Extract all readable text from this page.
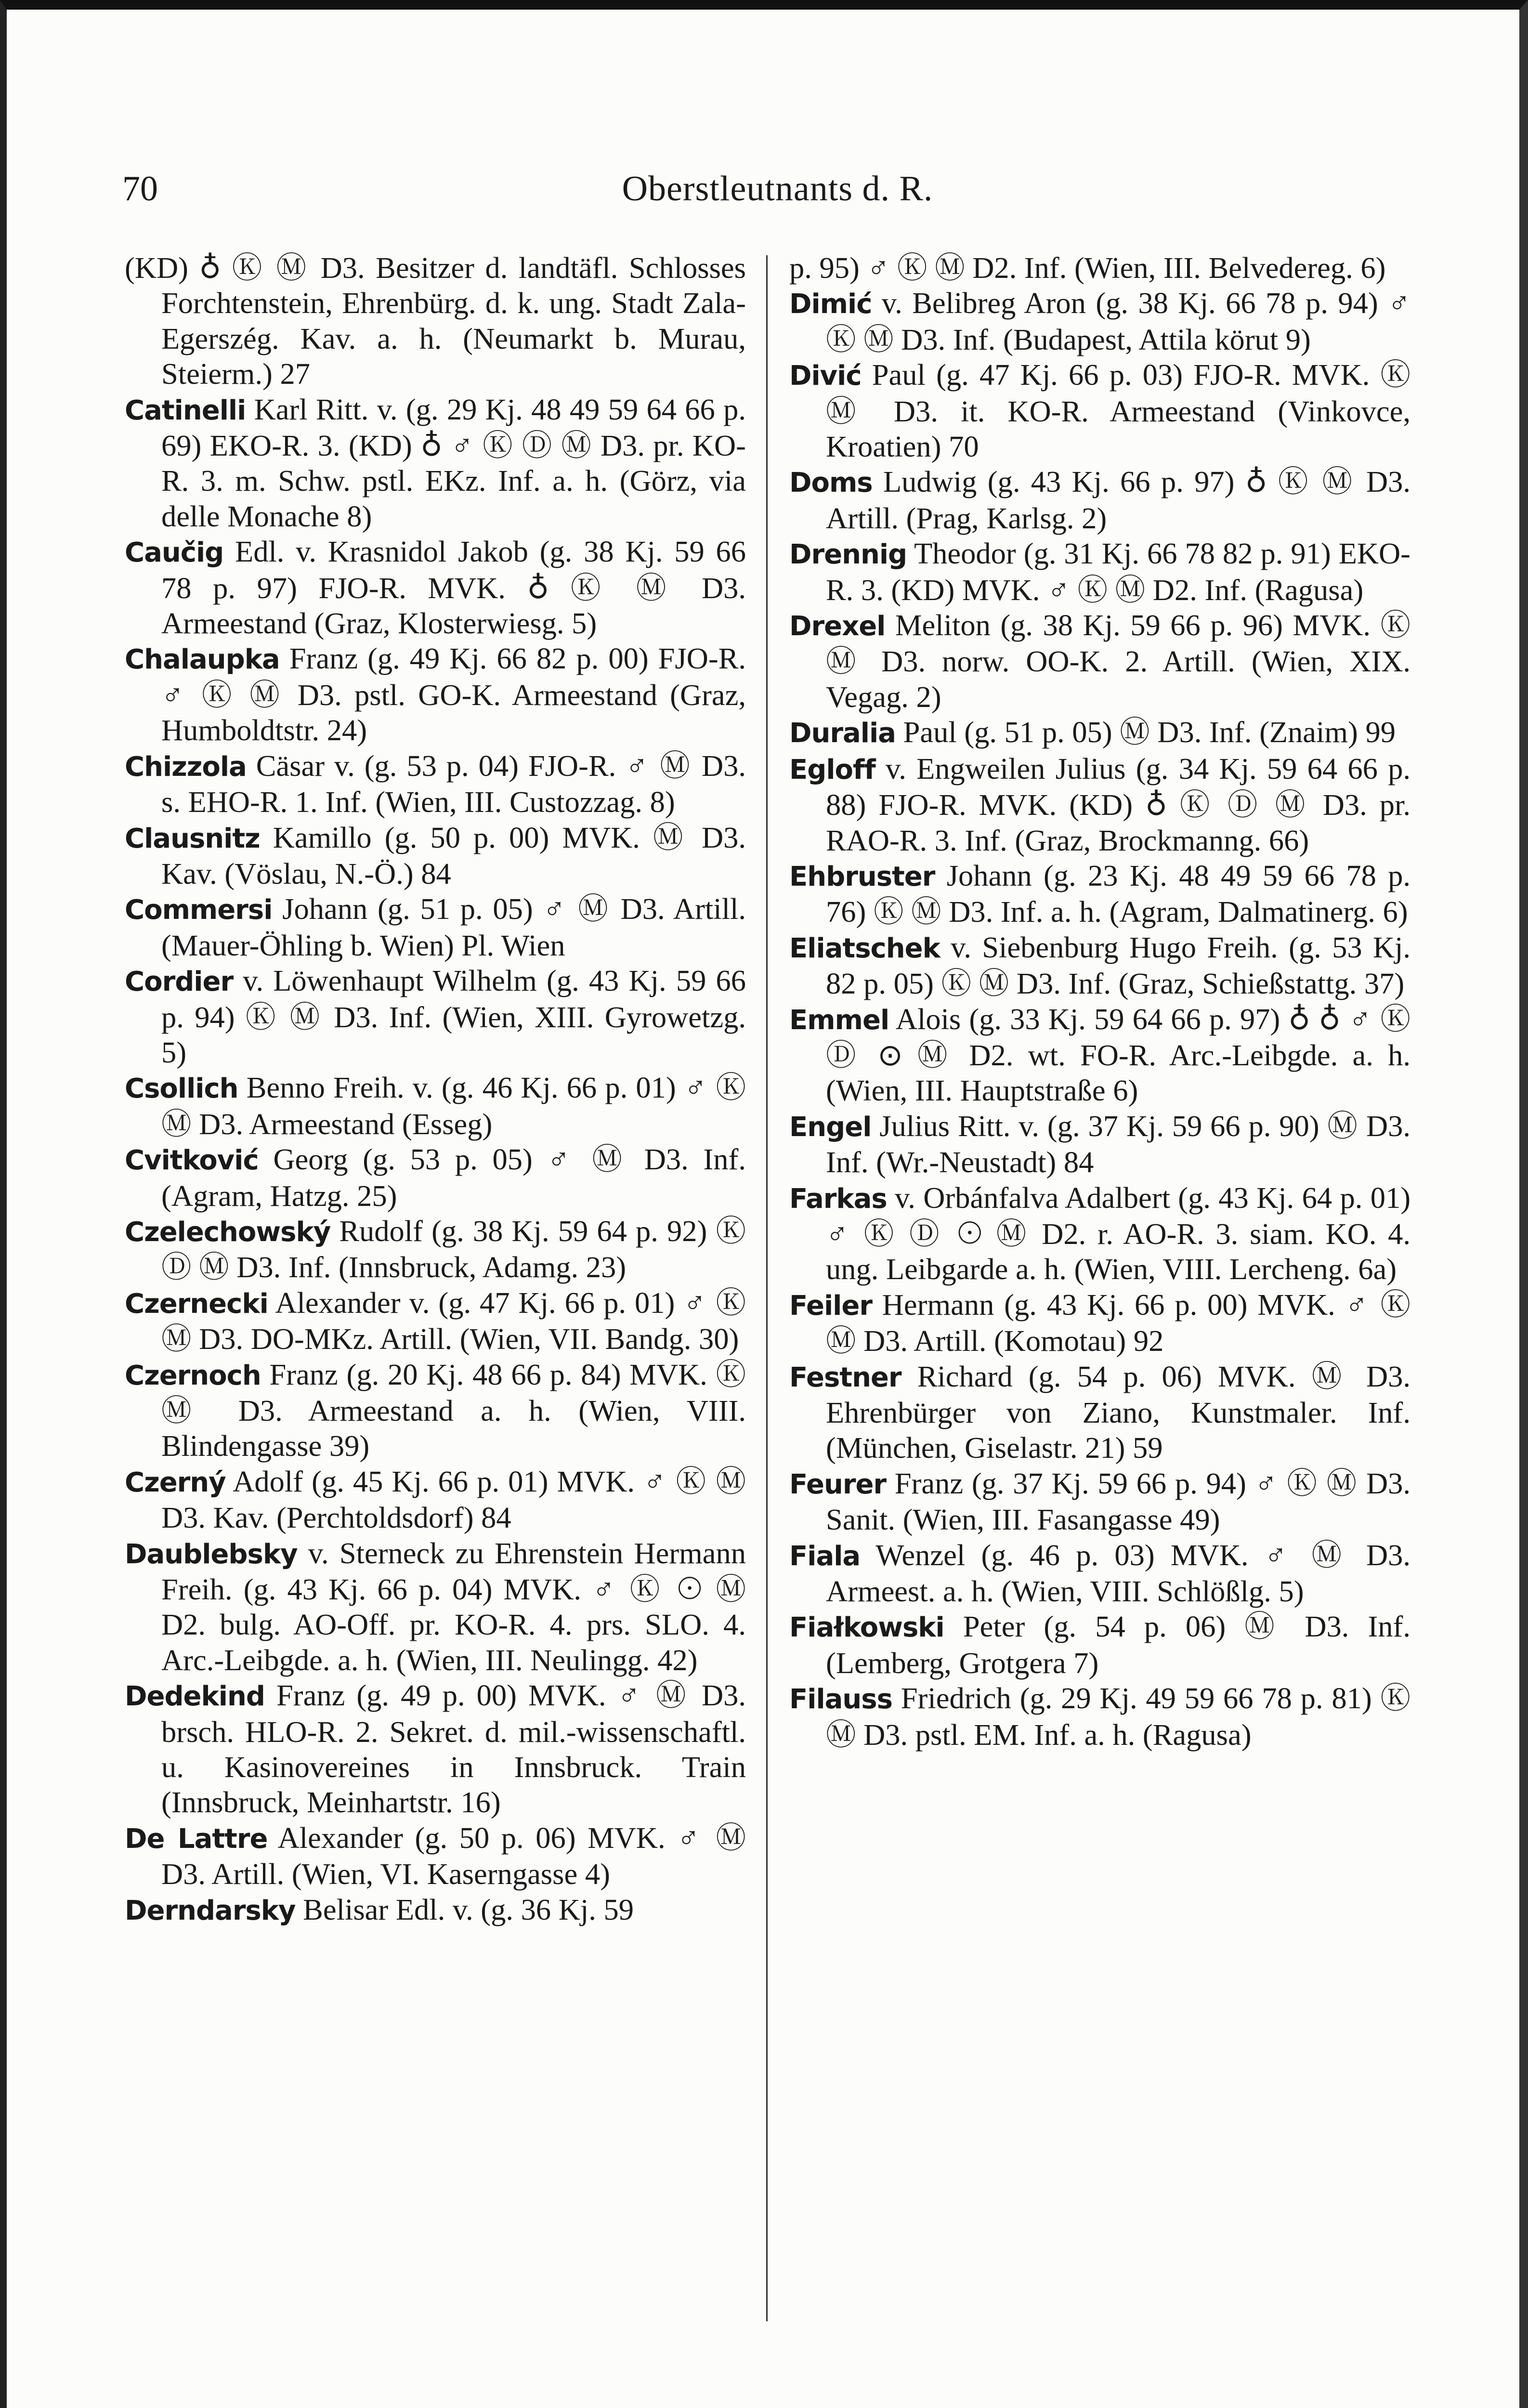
70	Oberstleutnants d. R.
(KD) ♁ Ⓚ Ⓜ D3. Besitzer d. landtäfl. Schlosses Forchtenstein, Ehrenbürg. d. k. ung. Stadt Zala-Egerszég. Kav. a. h. (Neumarkt b. Murau, Steierm.) 27
Catinelli Karl Ritt. v. (g. 29 Kj. 48 49 59 64 66 p. 69) EKO-R. 3. (KD) ♁ ♂ Ⓚ Ⓓ Ⓜ D3. pr. KO-R. 3. m. Schw. pstl. EKz. Inf. a. h. (Görz, via delle Monache 8)
Caučig Edl. v. Krasnidol Jakob (g. 38 Kj. 59 66 78 p. 97) FJO-R. MVK. ♁ Ⓚ Ⓜ D3. Armeestand (Graz, Klosterwiesg. 5)
Chalaupka Franz (g. 49 Kj. 66 82 p. 00) FJO-R. ♂ Ⓚ Ⓜ D3. pstl. GO-K. Armeestand (Graz, Humboldtstr. 24)
Chizzola Cäsar v. (g. 53 p. 04) FJO-R. ♂ Ⓜ D3. s. EHO-R. 1. Inf. (Wien, III. Custozzag. 8)
Clausnitz Kamillo (g. 50 p. 00) MVK. Ⓜ D3. Kav. (Vöslau, N.-Ö.) 84
Commersi Johann (g. 51 p. 05) ♂ Ⓜ D3. Artill. (Mauer-Öhling b. Wien) Pl. Wien
Cordier v. Löwenhaupt Wilhelm (g. 43 Kj. 59 66 p. 94) Ⓚ Ⓜ D3. Inf. (Wien, XIII. Gyrowetzg. 5)
Csollich Benno Freih. v. (g. 46 Kj. 66 p. 01) ♂ Ⓚ Ⓜ D3. Armeestand (Esseg)
Cvitković Georg (g. 53 p. 05) ♂ Ⓜ D3. Inf. (Agram, Hatzg. 25)
Czelechowský Rudolf (g. 38 Kj. 59 64 p. 92) Ⓚ Ⓓ Ⓜ D3. Inf. (Innsbruck, Adamg. 23)
Czernecki Alexander v. (g. 47 Kj. 66 p. 01) ♂ Ⓚ Ⓜ D3. DO-MKz. Artill. (Wien, VII. Bandg. 30)
Czernoch Franz (g. 20 Kj. 48 66 p. 84) MVK. Ⓚ Ⓜ D3. Armeestand a. h. (Wien, VIII. Blindengasse 39)
Czerný Adolf (g. 45 Kj. 66 p. 01) MVK. ♂ Ⓚ Ⓜ D3. Kav. (Perchtoldsdorf) 84
Daublebsky v. Sterneck zu Ehrenstein Hermann Freih. (g. 43 Kj. 66 p. 04) MVK. ♂ Ⓚ ⊙ Ⓜ D2. bulg. AO-Off. pr. KO-R. 4. prs. SLO. 4. Arc.-Leibgde. a. h. (Wien, III. Neulingg. 42)
Dedekind Franz (g. 49 p. 00) MVK. ♂ Ⓜ D3. brsch. HLO-R. 2. Sekret. d. mil.-wissenschaftl. u. Kasinovereines in Innsbruck. Train (Innsbruck, Meinhartstr. 16)
De Lattre Alexander (g. 50 p. 06) MVK. ♂ Ⓜ D3. Artill. (Wien, VI. Kaserngasse 4)
Derndarsky Belisar Edl. v. (g. 36 Kj. 59
p. 95) ♂ Ⓚ Ⓜ D2. Inf. (Wien, III. Belvedereg. 6)
Dimić v. Belibreg Aron (g. 38 Kj. 66 78 p. 94) ♂ Ⓚ Ⓜ D3. Inf. (Budapest, Attila körut 9)
Divić Paul (g. 47 Kj. 66 p. 03) FJO-R. MVK. Ⓚ Ⓜ D3. it. KO-R. Armeestand (Vinkovce, Kroatien) 70
Doms Ludwig (g. 43 Kj. 66 p. 97) ♁ Ⓚ Ⓜ D3. Artill. (Prag, Karlsg. 2)
Drennig Theodor (g. 31 Kj. 66 78 82 p. 91) EKO-R. 3. (KD) MVK. ♂ Ⓚ Ⓜ D2. Inf. (Ragusa)
Drexel Meliton (g. 38 Kj. 59 66 p. 96) MVK. Ⓚ Ⓜ D3. norw. OO-K. 2. Artill. (Wien, XIX. Vegag. 2)
Duralia Paul (g. 51 p. 05) Ⓜ D3. Inf. (Znaim) 99
Egloff v. Engweilen Julius (g. 34 Kj. 59 64 66 p. 88) FJO-R. MVK. (KD) ♁ Ⓚ Ⓓ Ⓜ D3. pr. RAO-R. 3. Inf. (Graz, Brockmanng. 66)
Ehbruster Johann (g. 23 Kj. 48 49 59 66 78 p. 76) Ⓚ Ⓜ D3. Inf. a. h. (Agram, Dalmatinerg. 6)
Eliatschek v. Siebenburg Hugo Freih. (g. 53 Kj. 82 p. 05) Ⓚ Ⓜ D3. Inf. (Graz, Schießstattg. 37)
Emmel Alois (g. 33 Kj. 59 64 66 p. 97) ♁ ♁ ♂ Ⓚ Ⓓ ⊙ Ⓜ D2. wt. FO-R. Arc.-Leibgde. a. h. (Wien, III. Hauptstraße 6)
Engel Julius Ritt. v. (g. 37 Kj. 59 66 p. 90) Ⓜ D3. Inf. (Wr.-Neustadt) 84
Farkas v. Orbánfalva Adalbert (g. 43 Kj. 64 p. 01) ♂ Ⓚ Ⓓ ⊙ Ⓜ D2. r. AO-R. 3. siam. KO. 4. ung. Leibgarde a. h. (Wien, VIII. Lercheng. 6a)
Feiler Hermann (g. 43 Kj. 66 p. 00) MVK. ♂ Ⓚ Ⓜ D3. Artill. (Komotau) 92
Festner Richard (g. 54 p. 06) MVK. Ⓜ D3. Ehrenbürger von Ziano, Kunstmaler. Inf. (München, Giselastr. 21) 59
Feurer Franz (g. 37 Kj. 59 66 p. 94) ♂ Ⓚ Ⓜ D3. Sanit. (Wien, III. Fasangasse 49)
Fiala Wenzel (g. 46 p. 03) MVK. ♂ Ⓜ D3. Armeest. a. h. (Wien, VIII. Schlößlg. 5)
Fiałkowski Peter (g. 54 p. 06) Ⓜ D3. Inf. (Lemberg, Grotgera 7)
Filauss Friedrich (g. 29 Kj. 49 59 66 78 p. 81) Ⓚ Ⓜ D3. pstl. EM. Inf. a. h. (Ragusa)
